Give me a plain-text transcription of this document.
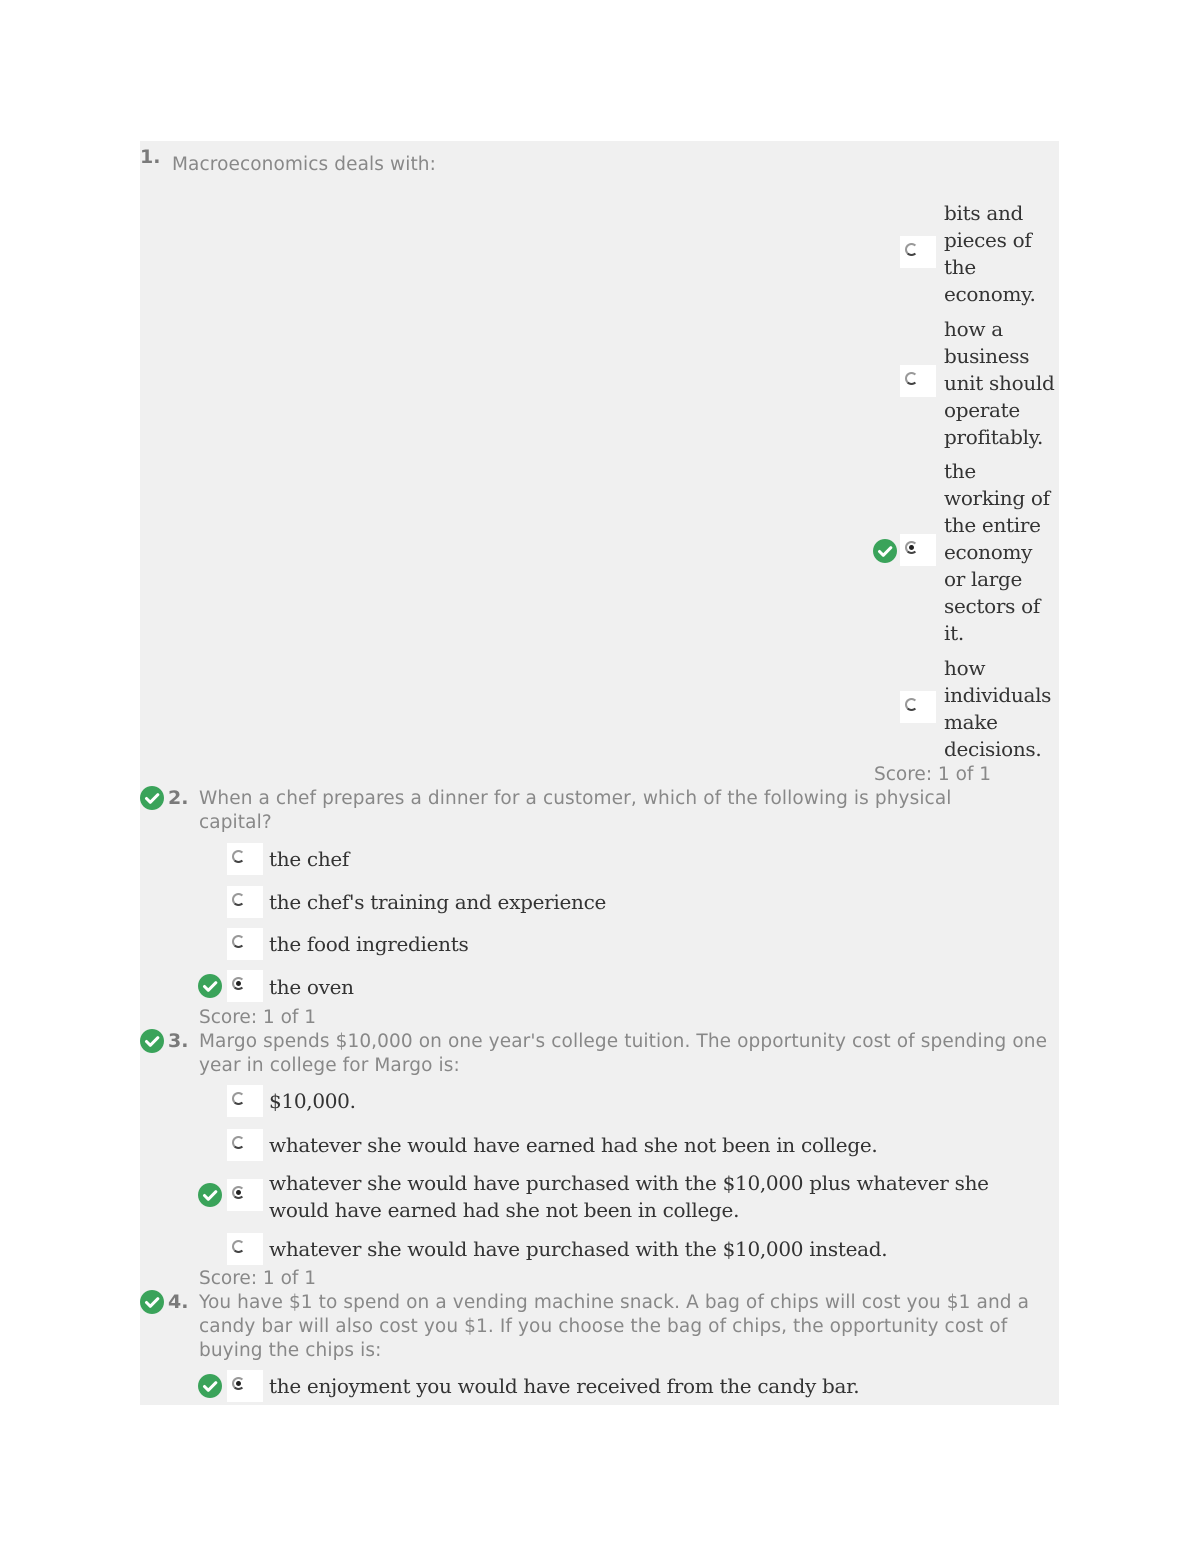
1. Macroeconomics deals with:
bits and pieces of the economy.
how a business unit should operate profitably.
the working of the entire economy or large sectors of it.
how individuals make decisions.
Score: 1 of 1
2. When a chef prepares a dinner for a customer, which of the following is physical capital?
the chef
the chef's training and experience
the food ingredients
the oven
Score: 1 of 1
3. Margo spends $10,000 on one year's college tuition. The opportunity cost of spending one year in college for Margo is:
$10,000.
whatever she would have earned had she not been in college.
whatever she would have purchased with the $10,000 plus whatever she would have earned had she not been in college.
whatever she would have purchased with the $10,000 instead.
Score: 1 of 1
4. You have $1 to spend on a vending machine snack. A bag of chips will cost you $1 and a candy bar will also cost you $1. If you choose the bag of chips, the opportunity cost of buying the chips is:
the enjoyment you would have received from the candy bar.
